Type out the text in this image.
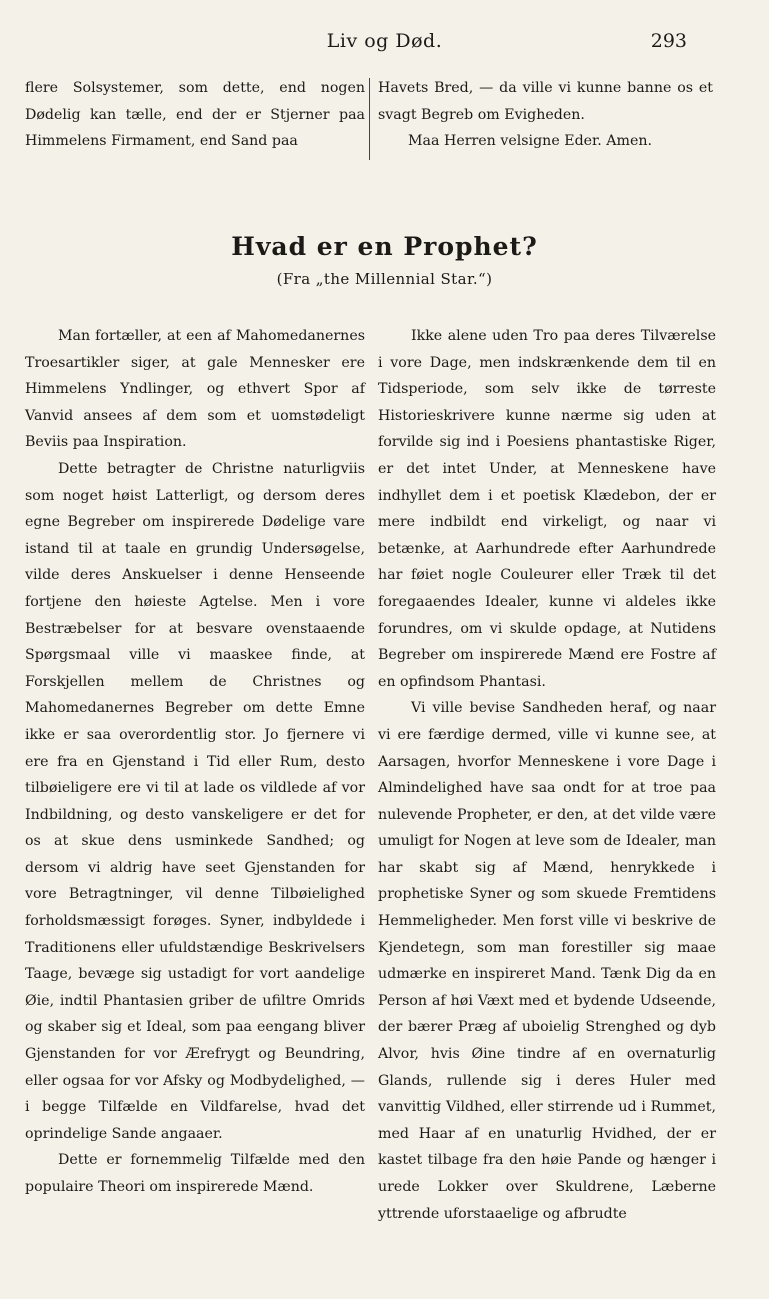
Liv og Død.	293

flere Solsystemer, som dette, end nogen Dødelig kan tælle, end der er Stjerner paa Himmelens Firmament, end Sand paa

Havets Bred, — da ville vi kunne banne os et svagt Begreb om Evigheden.

Maa Herren velsigne Eder. Amen.

Hvad er en Prophet?
(Fra „the Millennial Star.“)

Man fortæller, at een af Mahomedanernes Troesartikler siger, at gale Mennesker ere Himmelens Yndlinger, og ethvert Spor af Vanvid ansees af dem som et uomstødeligt Beviis paa Inspiration.

Dette betragter de Christne naturligviis som noget høist Latterligt, og dersom deres egne Begreber om inspirerede Dødelige vare istand til at taale en grundig Undersøgelse, vilde deres Anskuelser i denne Henseende fortjene den høieste Agtelse. Men i vore Bestræbelser for at besvare ovenstaaende Spørgsmaal ville vi maaskee finde, at Forskjellen mellem de Christnes og Mahomedanernes Begreber om dette Emne ikke er saa overordentlig stor. Jo fjernere vi ere fra en Gjenstand i Tid eller Rum, desto tilbøieligere ere vi til at lade os vildlede af vor Indbildning, og desto vanskeligere er det for os at skue dens usminkede Sandhed; og dersom vi aldrig have seet Gjenstanden for vore Betragtninger, vil denne Tilbøielighed forholdsmæssigt forøges. Syner, indbyldede i Traditionens eller ufuldstændige Beskrivelsers Taage, bevæge sig ustadigt for vort aandelige Øie, indtil Phantasien griber de ufiltre Omrids og skaber sig et Ideal, som paa eengang bliver Gjenstanden for vor Ærefrygt og Beundring, eller ogsaa for vor Afsky og Modbydelighed, — i begge Tilfælde en Vildfarelse, hvad det oprindelige Sande angaaer.

Dette er fornemmelig Tilfælde med den populaire Theori om inspirerede Mænd.

Ikke alene uden Tro paa deres Tilværelse i vore Dage, men indskrænkende dem til en Tidsperiode, som selv ikke de tørreste Historieskrivere kunne nærme sig uden at forvilde sig ind i Poesiens phantastiske Riger, er det intet Under, at Menneskene have indhyllet dem i et poetisk Klædebon, der er mere indbildt end virkeligt, og naar vi betænke, at Aarhundrede efter Aarhundrede har føiet nogle Couleurer eller Træk til det foregaaendes Idealer, kunne vi aldeles ikke forundres, om vi skulde opdage, at Nutidens Begreber om inspirerede Mænd ere Fostre af en opfindsom Phantasi.

Vi ville bevise Sandheden heraf, og naar vi ere færdige dermed, ville vi kunne see, at Aarsagen, hvorfor Menneskene i vore Dage i Almindelighed have saa ondt for at troe paa nulevende Propheter, er den, at det vilde være umuligt for Nogen at leve som de Idealer, man har skabt sig af Mænd, henrykkede i prophetiske Syner og som skuede Fremtidens Hemmeligheder. Men forst ville vi beskrive de Kjendetegn, som man forestiller sig maae udmærke en inspireret Mand. Tænk Dig da en Person af høi Væxt med et bydende Udseende, der bærer Præg af uboielig Strenghed og dyb Alvor, hvis Øine tindre af en overnaturlig Glands, rullende sig i deres Huler med vanvittig Vildhed, eller stirrende ud i Rummet, med Haar af en unaturlig Hvidhed, der er kastet tilbage fra den høie Pande og hænger i urede Lokker over Skuldrene, Læberne yttrende uforstaaelige og afbrudte
